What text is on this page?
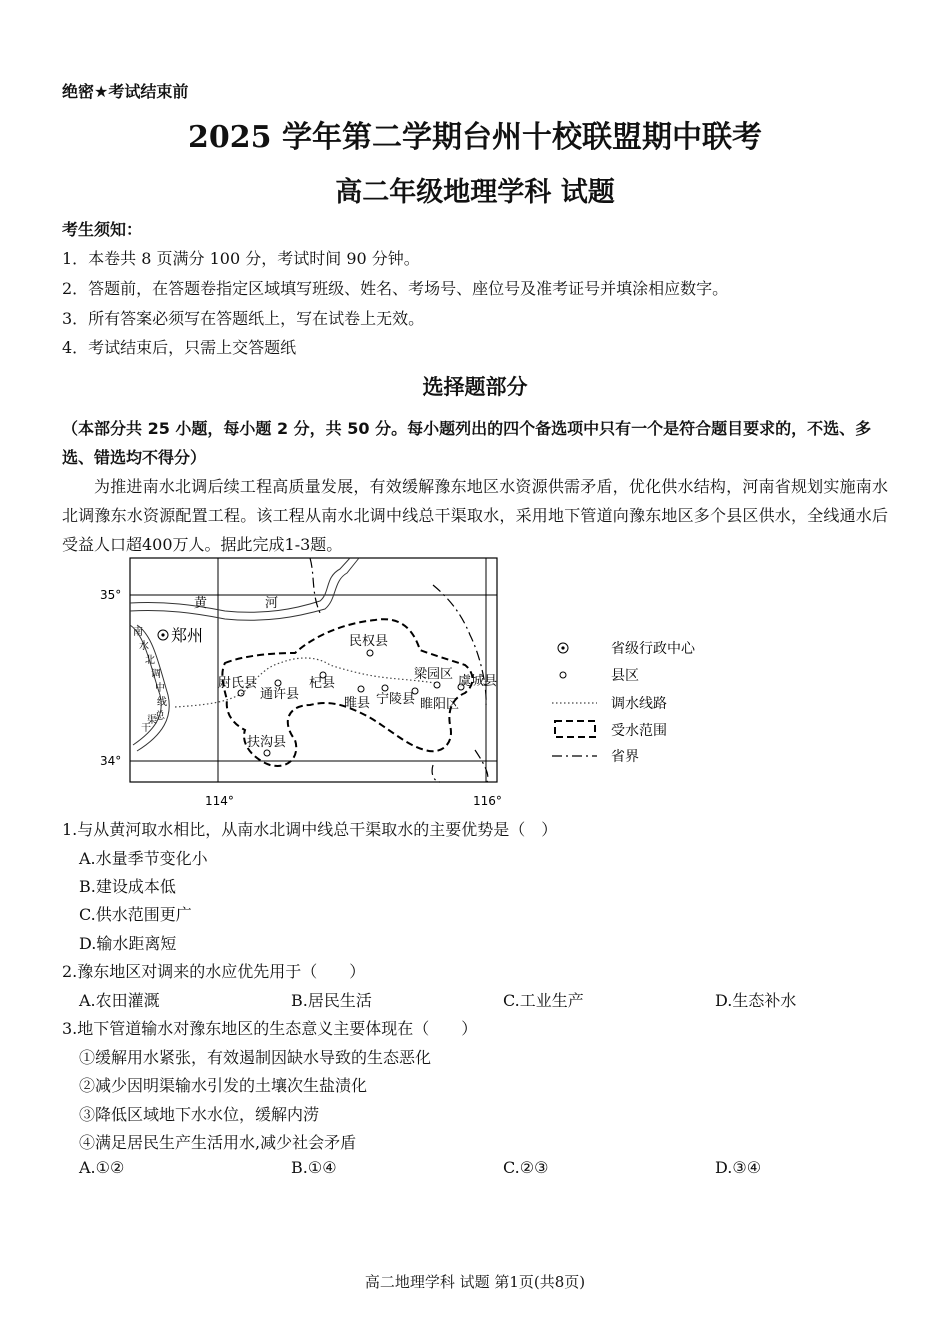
绝密★考试结束前
2025 学年第二学期台州十校联盟期中联考
高二年级地理学科 试题
考生须知：
1．本卷共 8 页满分 100 分，考试时间 90 分钟。
2．答题前，在答题卷指定区域填写班级、姓名、考场号、座位号及准考证号并填涂相应数字。
3．所有答案必须写在答题纸上，写在试卷上无效。
4．考试结束后，只需上交答题纸
选择题部分
（本部分共 25 小题，每小题 2 分，共 50 分。每小题列出的四个备选项中只有一个是符合题目要求的，不选、多选、错选均不得分）
为推进南水北调后续工程高质量发展，有效缓解豫东地区水资源供需矛盾，优化供水结构，河南省规划实施南水北调豫东水资源配置工程。该工程从南水北调中线总干渠取水，采用地下管道向豫东地区多个县区供水，全线通水后受益人口超400万人。据此完成1-3题。
郑州
35°
34°
114°	116°
黄	河
南
水
北
调
中
线
总
干
渠
民权县
梁园区 虞城县
尉氏县
通许县
杞县
睢县 宁陵县 睢阳区
扶沟县
省级行政中心
县区
调水线路
受水范围
省界
1.与从黄河取水相比，从南水北调中线总干渠取水的主要优势是（　）
A.水量季节变化小
B.建设成本低
C.供水范围更广
D.输水距离短
2.豫东地区对调来的水应优先用于（　　）
A.农田灌溉	B.居民生活	C.工业生产	D.生态补水
3.地下管道输水对豫东地区的生态意义主要体现在（　　）
①缓解用水紧张，有效遏制因缺水导致的生态恶化
②减少因明渠输水引发的土壤次生盐渍化
③降低区域地下水水位，缓解内涝
④满足居民生产生活用水,减少社会矛盾
A.①②	B.①④	C.②③	D.③④
高二地理学科 试题 第1页(共8页)
